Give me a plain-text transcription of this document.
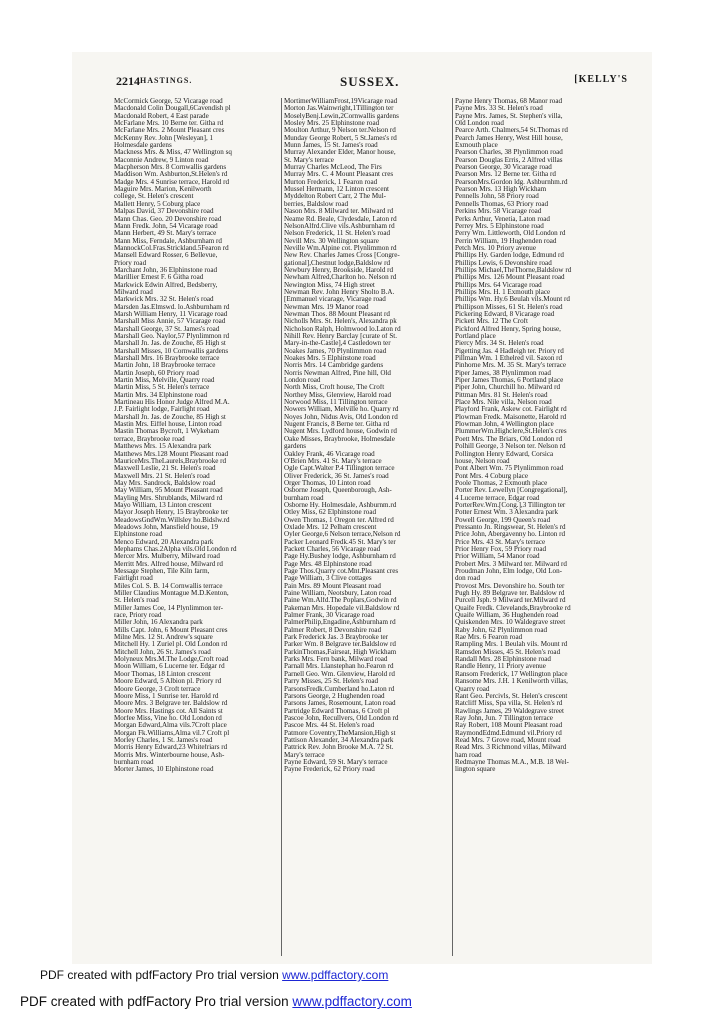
2214 HASTINGS.	SUSSEX.	[KELLY'S
McCormick George, 52 Vicarage road
Macdonald Colin Dougall,6Cavendish pl
Macdonald Robert, 4 East parade
McFarlane Mrs. 10 Berne ter. Githa rd
McFarlane Mrs. 2 Mount Pleasant cres
McKenny Rev. John [Wesleyan], 1
Holmesdale gardens
Mackness Mrs. & Miss, 47 Wellington sq
Maconnie Andrew, 9 Linton road
Macpherson Mrs. 8 Cornwallis gardens
Maddison Wm. Ashburton,St.Helen's rd
Madge Mrs. 4 Sunrise terrace, Harold rd
Maguire Mrs. Marion, Kenilworth
college, St. Helen's crescent
Mallett Henry, 5 Coburg place
Malpas David, 37 Devonshire road
Mann Chas. Geo. 20 Devonshire road
Mann Fredk. John, 54 Vicarage road
Mann Herbert, 49 St. Mary's terrace
Mann Miss, Ferndale, Ashburnham rd
MannockCol.Fras.Strickland.5Fearon rd
Mansell Edward Rosser, 6 Bellevue,
Priory road
Marchant John, 36 Elphinstone road
Marillier Ernest F. 6 Githa road
Markwick Edwin Alfred, Bedsberry,
Milward road
Markwick Mrs. 32 St. Helen's road
Marsden Jas.Elmswd. lo.Ashburnham rd
Marsh William Henry, 11 Vicarage road
Marshall Miss Annie, 57 Vicarage road
Marshall George, 37 St. James's road
Marshall Geo. Naylor,57 Plynlimmon rd
Marshall Jn. Jas. de Zouche, 85 High st
Marshall Misses, 10 Cornwallis gardens
Marshall Mrs. 16 Braybrooke terrace
Martin John, 18 Braybrooke terrace
Martin Joseph, 60 Priory road
Martin Miss, Melville, Quarry road
Martin Miss, 5 St. Helen's terrace
Martin Mrs. 34 Elphinstone road
Martineau His Honor Judge Alfred M.A.
J.P. Fairlight lodge, Fairlight road
Marshall Jn. Jas. de Zouche, 85 High st
Mastin Mrs. Eiffel house, Linton road
Mastin Thomas Bycroft, 1 Wykeham
terrace, Braybrooke road
Matthews Mrs. 15 Alexandra park
Matthews Mrs.128 Mount Pleasant road
MauriceMrs.TheLaurels,Braybrooke rd
Maxwell Leslie, 21 St. Helen's road
Maxwell Mrs. 21 St. Helen's road
May Mrs. Sandrock, Baldslow road
May William, 95 Mount Pleasant road
Mayling Mrs. Shrublands, Milward rd
Mayo William, 13 Linton crescent
Mayor Joseph Henry, 15 Braybrooke ter
MeadowsGndWm.Willsley ho.Bidslw.rd
Meadows John, Mansfield house, 19
Elphinstone road
Menco Edward, 20 Alexandra park
Mephams Chas.2Alpha vils.Old London rd
Mercer Mrs. Mulberry, Milward road
Merritt Mrs. Alfred house, Milward rd
Message Stephen, Tile Kiln farm,
Fairlight road
Miles Col. S. B. 14 Cornwallis terrace
Miller Claudius Montague M.D.Kenton,
St. Helen's road
Miller James Coe, 14 Plynlimmon ter-
race, Priory road
Miller John, 16 Alexandra park
Mills Capt. John, 6 Mount Pleasant cres
Milne Mrs. 12 St. Andrew's square
Mitchell Hy. 1 Zuriel pl. Old London rd
Mitchell John, 26 St. James's road
Molyneux Mrs.M.The Lodge,Croft road
Moon William, 6 Lucerne ter. Edgar rd
Moor Thomas, 18 Linton crescent
Moore Edward, 5 Albion pl. Priory rd
Moore George, 3 Croft terrace
Moore Miss, 1 Sunrise ter. Harold rd
Moore Mrs. 3 Belgrave ter. Baldslow rd
Moore Mrs. Hastings cot. All Saints st
Morfee Miss, Vine ho. Old London rd
Morgan Edward,Alma vils.7Croft place
Morgan Fk.Williams,Alma vil.7 Croft pl
Morley Charles, 1 St. James's road
Morris Henry Edward,23 Whitefriars rd
Morris Mrs. Winterbourne house, Ash-
burnham road
Morter James, 10 Elphinstone road
MortimerWilliamFrost,19Vicarage road
Morton Jas.Wainwright,1Tillington ter
MoselyBenj.Lewin,2Cornwallis gardens
Mosley Mrs. 25 Elphinstone road
Moulton Arthur, 9 Nelson ter.Nelson rd
Munday George Robert, 5 St.James's rd
Munn James, 15 St. James's road
Murray Alexander Elder, Manor house,
St. Mary's terrace
Murray Charles McLeod, The Firs
Murray Mrs. C. 4 Mount Pleasant cres
Murton Frederick, 1 Fearon road
Mussel Hermann, 12 Linton crescent
Myddelton Robert Carr, 2 The Mul-
berries, Baldslow road
Nason Mrs. 8 Milward ter. Milward rd
Neame Rd. Beale, Clydesdale, Laton rd
NelsonAlfrd.Clive vils.Ashburnham rd
Nelson Frederick, 11 St. Helen's road
Nevill Mrs. 30 Wellington square
Neville Wm.Alpine cot. Plynlimmon rd
New Rev. Charles James Cross [Congre-
gational],Chestnut lodge,Baldslow rd
Newbury Henry, Brookside, Harold rd
Newham Alfred,Charlton ho. Nelson rd
Newington Miss, 74 High street
Newman Rev. John Henry Sholto B.A.
[Emmanuel vicarage, Vicarage road
Newman Mrs. 19 Manor road
Newman Thos. 88 Mount Pleasant rd
Nicholls Mrs. St. Helen's, Alexandra pk
Nicholson Ralph, Holmwood lo.Laton rd
Nihill Rev. Henry Barclay [curate of St.
Mary-in-the-Castle],4 Castledown ter
Noakes James, 70 Plynlimmon road
Noakes Mrs. 5 Elphinstone road
Norris Mrs. 14 Cambridge gardens
Norris Newman Alfred, Pine hill, Old
London road
North Miss, Croft house, The Croft
Northey Miss, Glenview, Harold road
Norwood Miss, 11 Tillington terrace
Nowers William, Melville ho. Quarry rd
Noyes John, Nidus Avis, Old London rd
Nugent Francis, 8 Berne ter. Githa rd
Nugent Mrs. Lydford house, Godwin rd
Oake Misses, Braybrooke, Holmesdale
gardens
Oakley Frank, 46 Vicarage road
O'Brien Mrs. 41 St. Mary's terrace
Ogle Capt.Walter P.4 Tillington terrace
Oliver Frederick, 36 St. James's road
Orger Thomas, 10 Linton road
Osborne Joseph, Queenborough, Ash-
burnham road
Osborne Hy. Holmesdale, Ashburnm.rd
Otley Miss, 62 Elphinstone road
Owen Thomas, 1 Oregon ter. Alfred rd
Oxlade Mrs. 12 Pelham crescent
Oyler George,6 Nelson terrace,Nelson rd
Packer Leonard Fredk.45 St. Mary's ter
Packett Charles, 56 Vicarage road
Page Hy.Bushey lodge, Ashburnham rd
Page Mrs. 48 Elphinstone road
Page Thos.Quarry cot.Mnt.Pleasant cres
Page William, 3 Clive cottages
Pain Mrs. 89 Mount Pleasant road
Paine William, Neotsbury, Laton road
Paine Wm.Alfd.The Poplars,Godwin rd
Pakeman Mrs. Hopedale vil.Baldslow rd
Palmer Frank, 30 Vicarage road
PalmerPhilip,Engadine,Ashburnham rd
Palmer Robert, 8 Devonshire road
Park Frederick Jas. 3 Braybrooke ter
Parker Wm. 8 Belgrave ter.Baldslow rd
ParkinThomas,Fairseat, High Wickham
Parks Mrs. Fern bank, Milward road
Parnall Mrs. Llanstephan ho.Fearon rd
Parnell Geo. Wm. Glenview, Harold rd
Parry Misses, 25 St. Helen's road
ParsonsFredk.Cumberland ho.Laton rd
Parsons George, 2 Hughenden road
Parsons James, Rosemount, Laton road
Partridge Edward Thomas, 6 Croft pl
Pascoe John, Recullvers, Old London rd
Pascoe Mrs. 44 St. Helen's road
Patmore Coventry,TheMansion,High st
Pattison Alexander, 34 Alexandra park
Pattrick Rev. John Brooke M.A. 72 St.
Mary's terrace
Payne Edward, 59 St. Mary's terrace
Payne Frederick, 62 Priory road
Payne Henry Thomas, 68 Manor road
Payne Mrs. 33 St. Helen's road
Payne Mrs. James, St. Stephen's villa,
Old London road
Pearce Arth. Chalmers,54 St.Thomas rd
Pearch James Henry, West Hill house,
Exmouth place
Pearson Charles, 38 Plynlimmon road
Pearson Douglas Erris, 2 Alfred villas
Pearson George, 30 Vicarage road
Pearson Mrs. 12 Berne ter. Githa rd
PearsonMrs.Gordon ldg. Ashburnhm.rd
Pearson Mrs. 13 High Wickham
Pennells John, 58 Priory road
Pennells Thomas, 63 Priory road
Perkins Mrs. 58 Vicarage road
Perks Arthur, Venetia, Laton road
Perrey Mrs. 5 Elphinstone road
Perry Wm. Littleworth, Old London rd
Perrin William, 19 Hughenden road
Petch Mrs. 10 Priory avenue
Phillips Hy. Garden lodge, Edmund rd
Phillips Lewis, 6 Devonshire road
Phillips Michael,TheThorne,Baldslow rd
Phillips Mrs. 126 Mount Pleasant road
Phillips Mrs. 64 Vicarage road
Phillips Mrs. H. 1 Exmouth place
Phillips Wm. Hy.6 Beulah vils.Mount rd
Phillipson Misses, 61 St. Helen's road
Pickering Edward, 8 Vicarage road
Pickett Mrs. 12 The Croft
Pickford Alfred Henry, Spring house,
Portland place
Piercy Mrs. 34 St. Helen's road
Pigetting Jas. 4 Hadleigh ter. Priory rd
Pillman Wm. 1 Ethelred vil. Saxon rd
Pinhorne Mrs. M. 35 St. Mary's terrace
Piper James, 38 Plynlimmon road
Piper James Thomas, 6 Portland place
Piper John, Churchill ho. Milward rd
Pittman Mrs. 81 St. Helen's road
Place Mrs. Nile villa, Nelson road
Playford Frank, Askew cot. Fairlight rd
Plowman Fredk. Maisonette, Harold rd
Plowman John, 4 Wellington place
PlummerWm.Highclere,St.Helen's cres
Poett Mrs. The Briars, Old London rd
Polhill George, 3 Nelson ter. Nelson rd
Pollington Henry Edward, Corsica
house, Nelson road
Pont Albert Wm. 75 Plynlimmon road
Pont Mrs. 4 Coburg place
Poole Thomas, 2 Exmouth place
Porter Rev. Lewellyn [Congregational],
4 Lucerne terrace, Edgar road
PorterRev.Wm.[Cong.],3 Tillington ter
Potter Ernest Wm. 3 Alexandra park
Powell George, 199 Queen's road
Pressanto Jn. Ringswear, St. Helen's rd
Price John, Abergavenny ho. Linton rd
Price Mrs. 43 St. Mary's terrace
Prior Henry Fox, 59 Priory road
Prior William, 54 Manor road
Probert Mrs. 3 Milward ter. Milward rd
Proudman John, Elm lodge, Old Lon-
don road
Provost Mrs. Devonshire ho. South ter
Pugh Hy. 89 Belgrave ter. Baldslow rd
Purcell Jsph. 9 Milward ter.Milward rd
Quaife Fredk. Clevelands,Braybrooke rd
Quaife William, 36 Hughenden road
Quiskenden Mrs. 10 Waldegrave street
Raby John, 62 Plynlimmon road
Rae Mrs. 6 Fearon road
Rampling Mrs. 1 Beulah vils. Mount rd
Ramsden Misses, 45 St. Helen's road
Randall Mrs. 28 Elphinstone road
Randle Henry, 11 Priory avenue
Ransom Frederick, 17 Wellington place
Ransome Mrs. J.H. 1 Kenilworth villas,
Quarry road
Rant Geo. Percivls, St. Helen's crescent
Ratcliff Miss, Spa villa, St. Helen's rd
Rawlings James, 29 Waldegrave street
Ray John, Jun. 7 Tillington terrace
Ray Robert, 108 Mount Pleasant road
RaymondEdmd.Edmund vil.Priory rd
Read Mrs. 7 Grove road, Mount road
Read Mrs. 3 Richmond villas, Milward
ham road
Redmayne Thomas M.A., M.B. 18 Wel-
lington square
PDF created with pdfFactory Pro trial version www.pdffactory.com
PDF created with pdfFactory Pro trial version www.pdffactory.com
